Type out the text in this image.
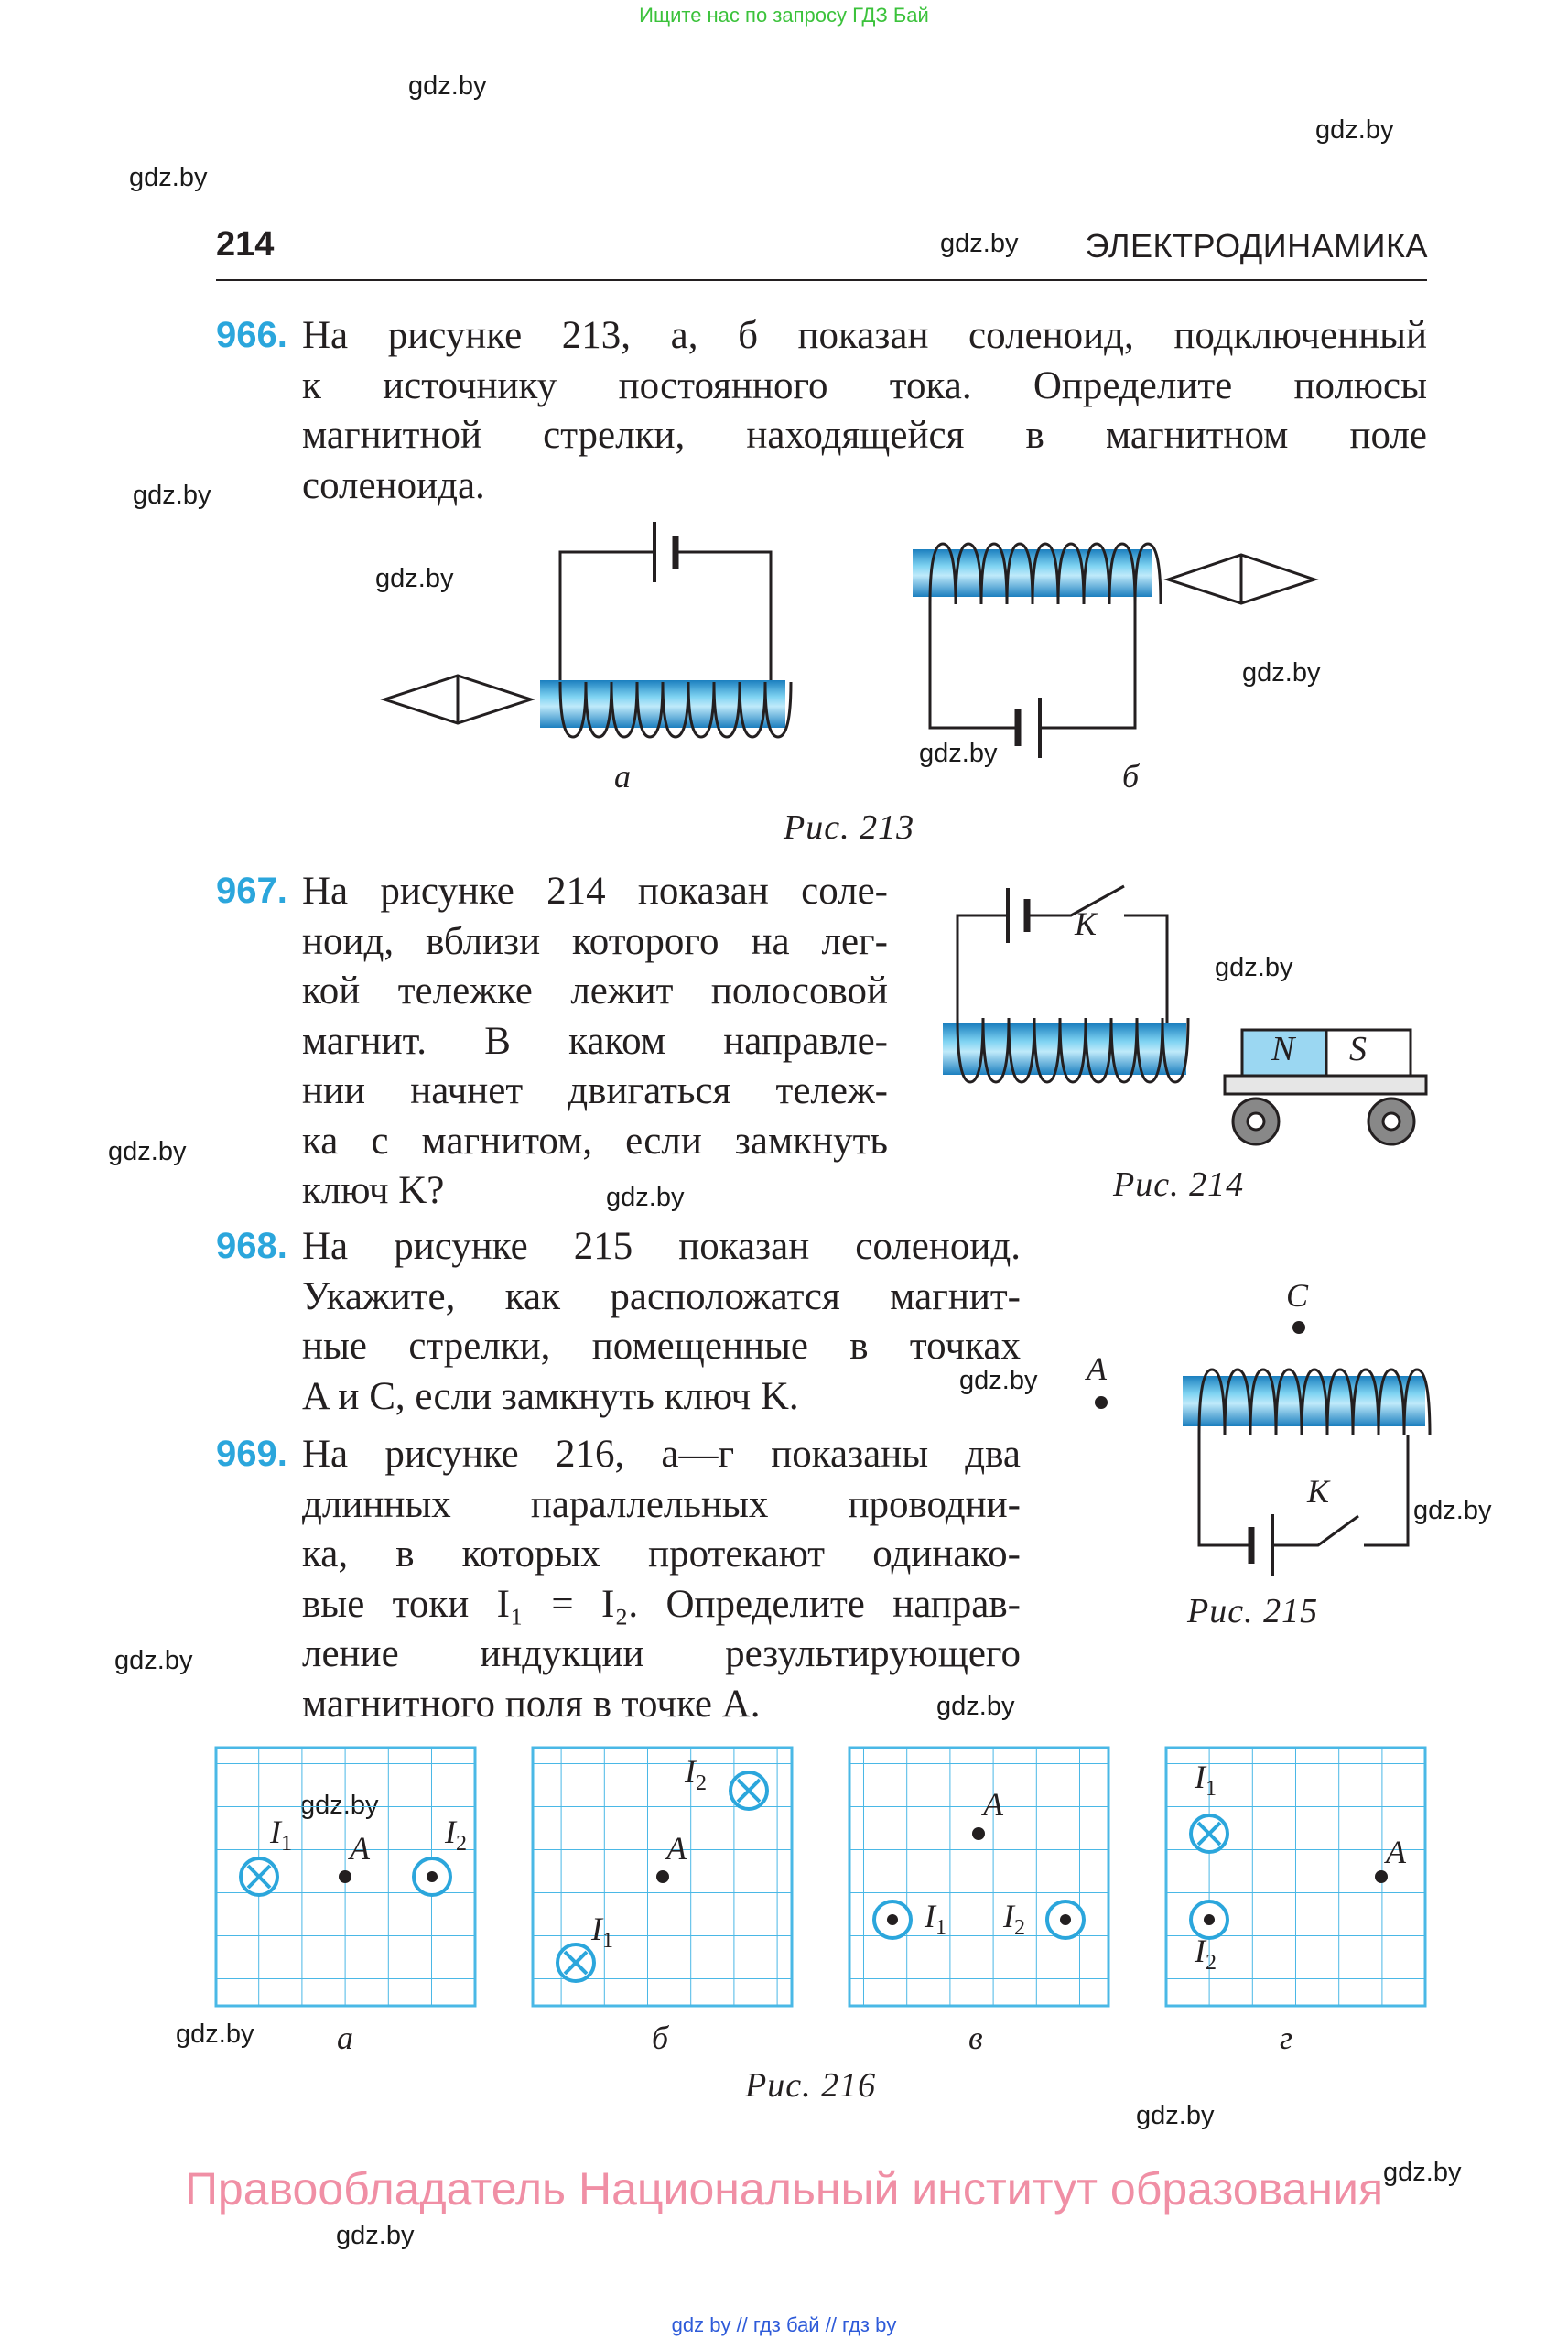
Ищите нас по запросу ГДЗ Бай
gdz.by
gdz.by
gdz.by
gdz.by
gdz.by
gdz.by
gdz.by
gdz.by
gdz.by
gdz.by
gdz.by
gdz.by
gdz.by
gdz.by
gdz.by
gdz.by
gdz.by
gdz.by
gdz.by
214	ЭЛЕКТРОДИНАМИКА
966. На рисунке 213, а, б показан соленоид, подключенный
к источнику постоянного тока. Определите полюсы
магнитной стрелки, находящейся в магнитном поле
соленоида.
а	б
Рис. 213
967. На рисунке 214 показан соле-
ноид, вблизи которого на лег-
кой тележке лежит полосовой
магнит. В каком направле-
нии начнет двигаться тележ-
ка с магнитом, если замкнуть
ключ K?
K
N S
Рис. 214
968. На рисунке 215 показан соленоид.
Укажите, как расположатся магнит-
ные стрелки, помещенные в точках
A и C, если замкнуть ключ K.
C
A
K
Рис. 215
969. На рисунке 216, а—г показаны два
длинных параллельных проводни-
ка, в которых протекают одинако-
вые токи I₁ = I₂. Определите направ-
ление индукции результирующего
магнитного поля в точке A.
$I_1$	$I_2$
A
а
$I_1$
$I_2$
A
б
$I_1$ $I_2$
A
в
$I_1$
$I_2$
A
г
Рис. 216
Правообладатель Национальный институт образования
gdz by // гдз бай // гдз by
